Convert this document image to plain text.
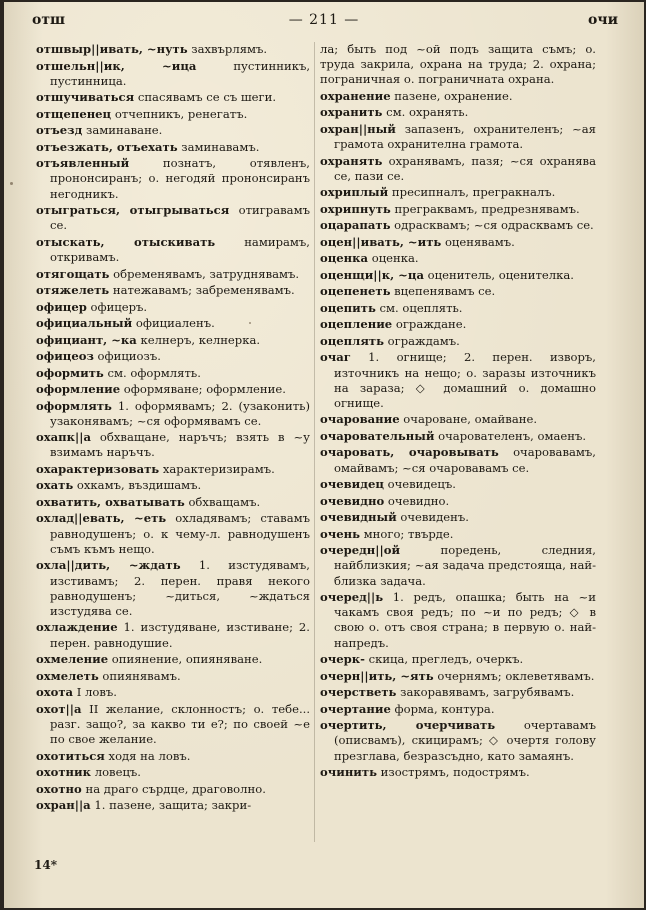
отш	— 211 —	очи
отшвыр||ивать, ~нуть захвърлямъ.
отшельн||ик, ~ица пустинникъ, пустинница.
отшучиваться спасявамъ се съ шеги.
отщепенец отчепникъ, ренегатъ.
отъезд заминаване.
отъезжать, отъехать заминавамъ.
отъявленный познатъ, отявленъ, прононсиранъ; о. негодяй прононсиранъ негодникъ.
отыграться, отыгрываться отигравамъ се.
отыскать, отыскивать намирамъ, откривамъ.
отягощать обременявамъ, затруднявамъ.
отяжелеть натежавамъ; забременявамъ.
офицер офицеръ.
официальный официаленъ.
официант, ~ка келнеръ, келнерка.
офицеоз официозъ.
оформить см. оформлять.
оформление оформяване; оформление.
оформлять 1. оформявамъ; 2. (узаконить) узаконявамъ; ~ся оформявамъ се.
охапк||а обхващане, наръчъ; взять в ~у взимамъ наръчъ.
охарактеризовать характеризирамъ.
охать охкамъ, въздишамъ.
охватить, охватывать обхващамъ.
охлад||евать, ~еть охладявамъ; ставамъ равнодушенъ; о. к чему-л. равнодушенъ съмъ къмъ нещо.
охла||дить, ~ждать 1. изстудявамъ, изстивамъ; 2. перен. правя некого равнодушенъ; ~диться, ~ждаться изстудява се.
охлаждение 1. изстудяване, изстиване; 2. перен. равнодушие.
охмеление опиянение, опияняване.
охмелеть опиянявамъ.
охота I ловъ.
охот||а II желание, склонностъ; о. тебе... разг. защо?, за какво ти е?; по своей ~е по свое желание.
охотиться ходя на ловъ.
охотник ловецъ.
охотно на драго сърдце, драговолно.
охран||а 1. пазене, защита; закри-
ла; быть под ~ой подъ защита съмъ; о. труда закрила, охрана на труда; 2. охрана; пограничная о. пограничната охрана.
охранение пазене, охранение.
охранить см. охранять.
охран||ный запазенъ, охранителенъ; ~ая грамота охранителна грамота.
охранять охранявамъ, пазя; ~ся охранява се, пази се.
охриплый пресипналъ, прегракналъ.
охрипнуть преграквамъ, предрезнявамъ.
оцарапать одрасквамъ; ~ся одрасквамъ се.
оцен||ивать, ~ить оценявамъ.
оценка оценка.
оценщи||к, ~ца оценитель, оценителка.
оцепенеть вцепенявамъ се.
оцепить см. оцеплять.
оцепление ограждане.
оцеплять ограждамъ.
очаг 1. огнище; 2. перен. изворъ, източникъ на нещо; о. заразы източникъ на зараза; ◇ домашний о. домашно огнище.
очарование очароване, омайване.
очаровательный очарователенъ, омаенъ.
очаровать, очаровывать очаровавамъ, омайвамъ; ~ся очаровавамъ се.
очевидец очевидецъ.
очевидно очевидно.
очевидный очевиденъ.
очень много; твърде.
очередн||ой поредень, следния, найблизкия; ~ая задача предстояща, най-близка задача.
очеред||ь 1. редъ, опашка; быть на ~и чакамъ своя редъ; по ~и по редъ; ◇ в свою о. отъ своя страна; в первую о. най-напредъ.
очерк- скица, прегледъ, очеркъ.
очерн||ить, ~ять очернямъ; оклеветявамъ.
очерстветь закоравявамъ, загрубявамъ.
очертание форма, контура.
очертить, очерчивать очертавамъ (описвамъ), скицирамъ; ◇ очертя голову презглава, безразсъдно, като замаянъ.
очинить изострямъ, подострямъ.
14*
